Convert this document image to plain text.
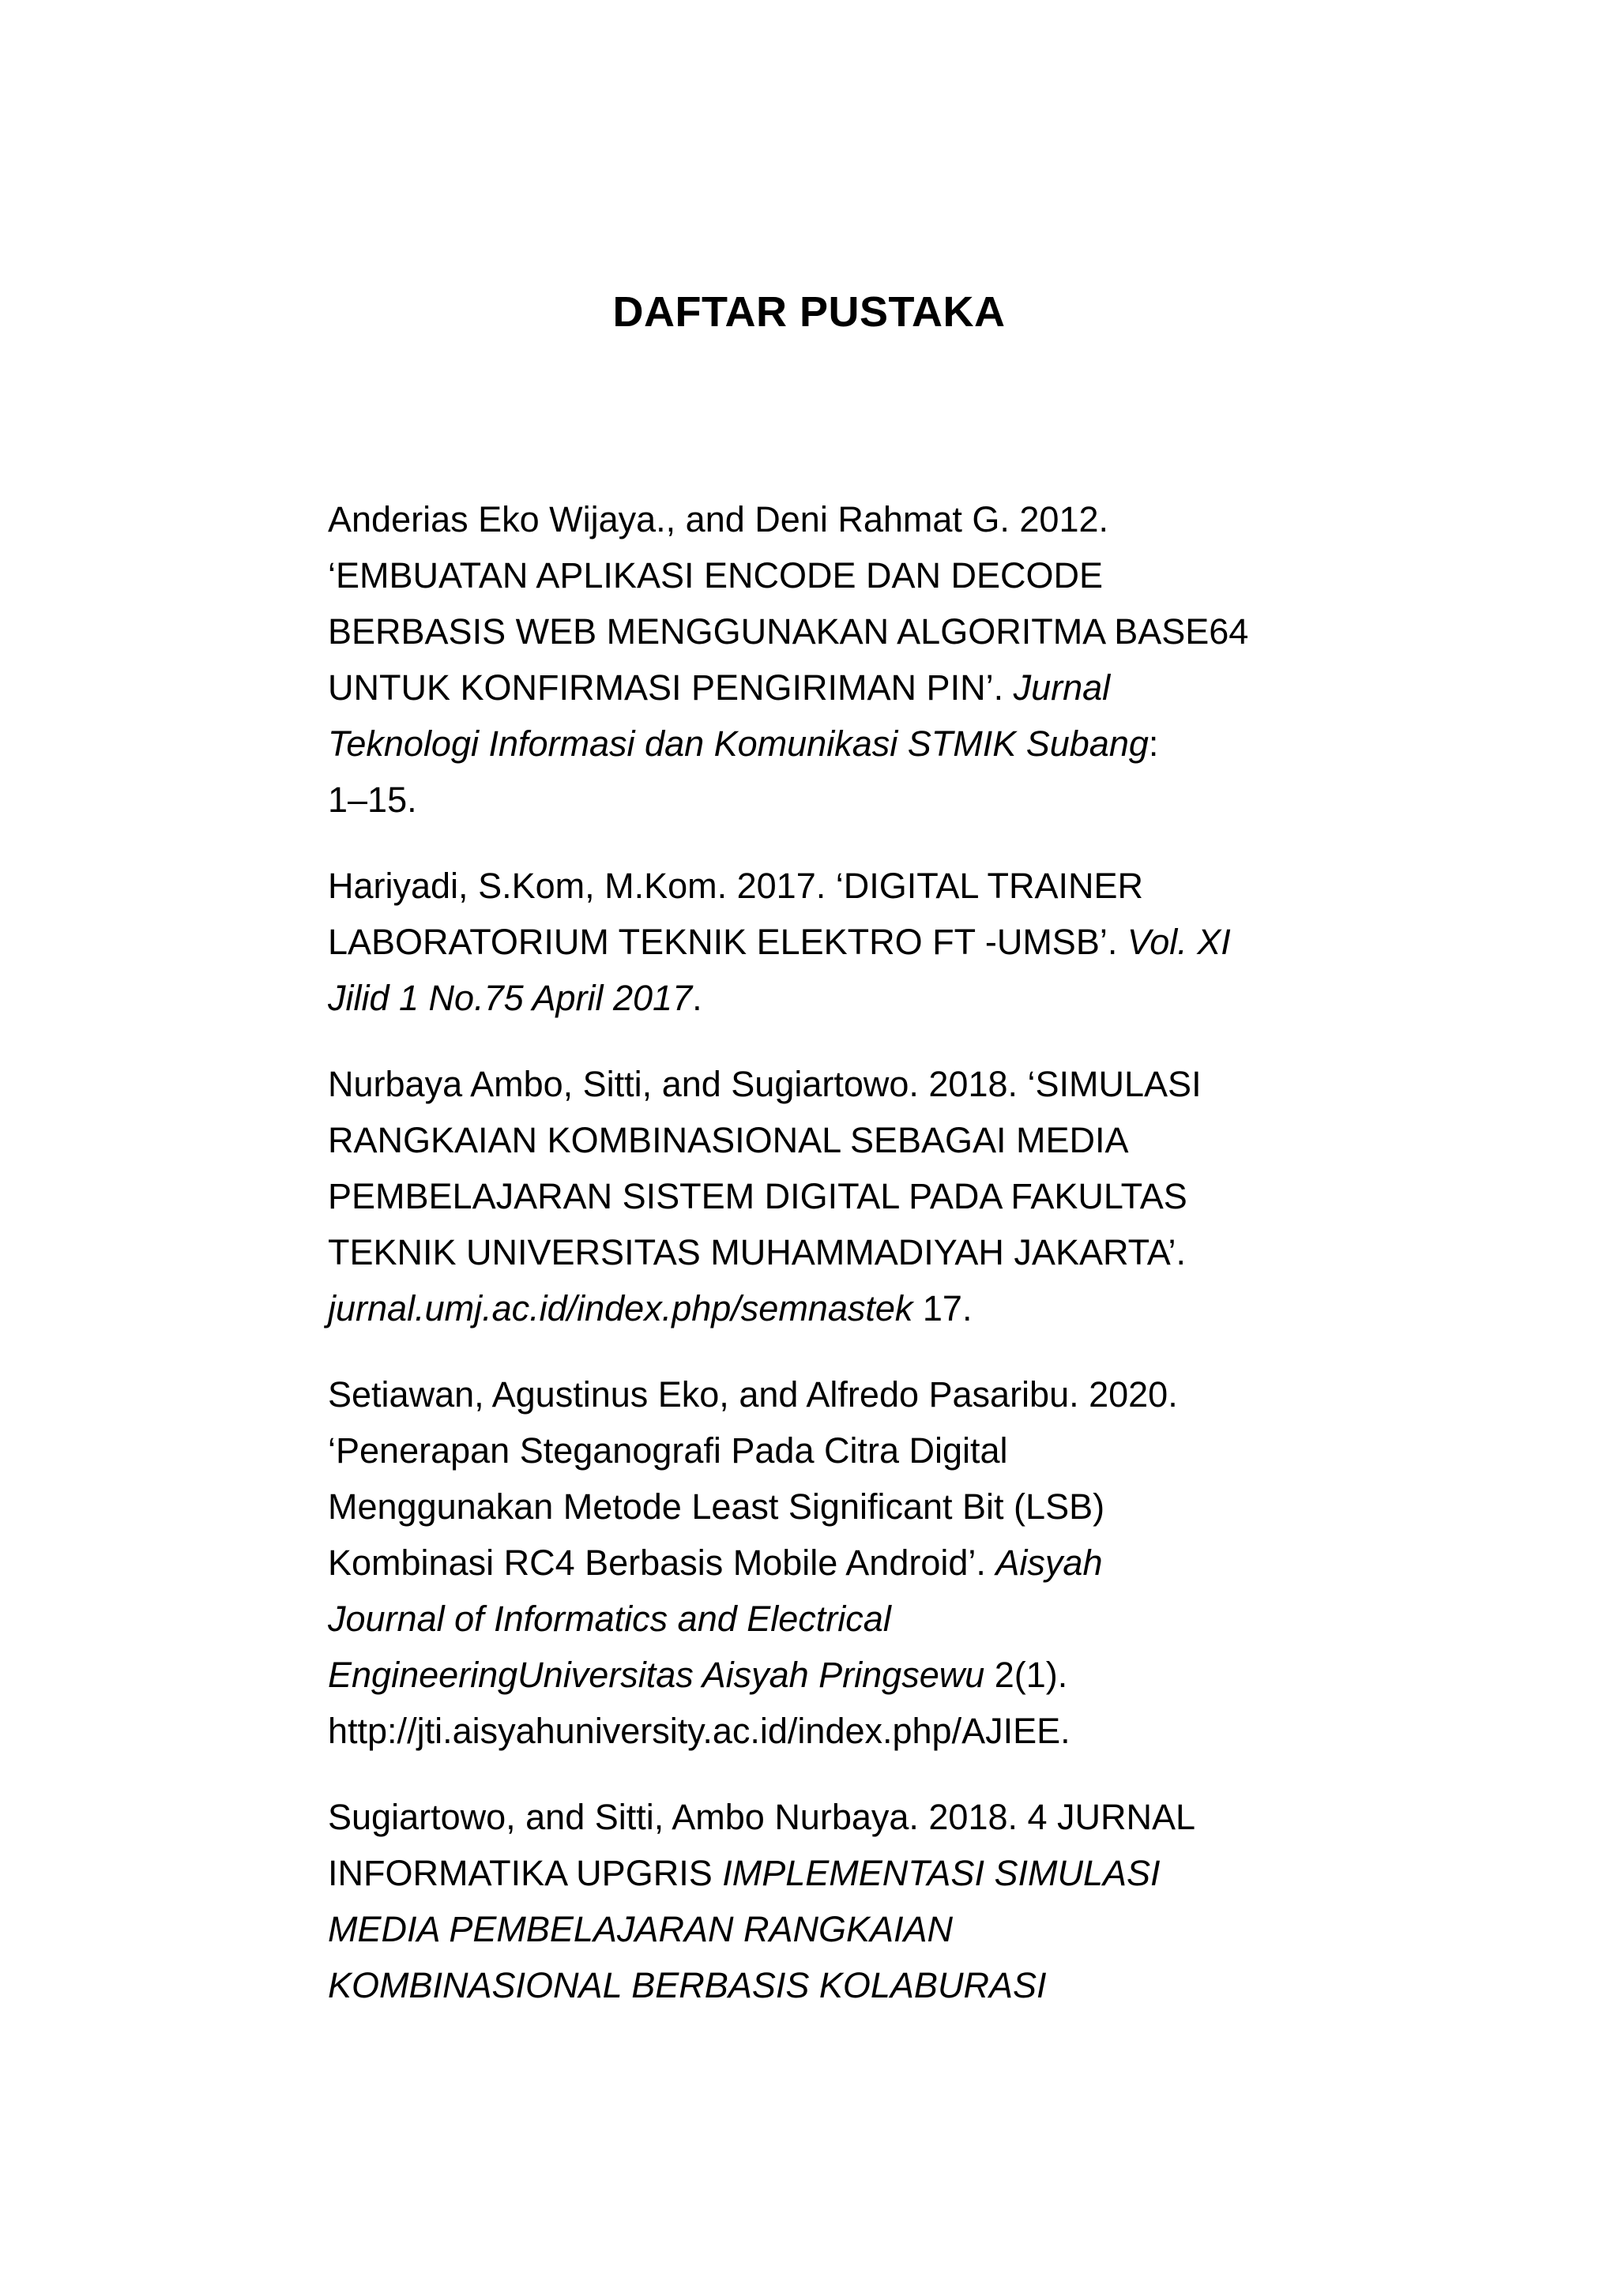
DAFTAR PUSTAKA

Anderias Eko Wijaya., and Deni Rahmat G. 2012.
‘EMBUATAN APLIKASI ENCODE DAN DECODE
BERBASIS WEB MENGGUNAKAN ALGORITMA BASE64
UNTUK KONFIRMASI PENGIRIMAN PIN’. Jurnal
Teknologi Informasi dan Komunikasi STMIK Subang:
1–15.

Hariyadi, S.Kom, M.Kom. 2017. ‘DIGITAL TRAINER
LABORATORIUM TEKNIK ELEKTRO FT -UMSB’. Vol. XI
Jilid 1 No.75 April 2017.

Nurbaya Ambo, Sitti, and Sugiartowo. 2018. ‘SIMULASI
RANGKAIAN KOMBINASIONAL SEBAGAI MEDIA
PEMBELAJARAN SISTEM DIGITAL PADA FAKULTAS
TEKNIK UNIVERSITAS MUHAMMADIYAH JAKARTA’.
jurnal.umj.ac.id/index.php/semnastek 17.

Setiawan, Agustinus Eko, and Alfredo Pasaribu. 2020.
‘Penerapan Steganografi Pada Citra Digital
Menggunakan Metode Least Significant Bit (LSB)
Kombinasi RC4 Berbasis Mobile Android’. Aisyah
Journal of Informatics and Electrical
EngineeringUniversitas Aisyah Pringsewu 2(1).
http://jti.aisyahuniversity.ac.id/index.php/AJIEE.

Sugiartowo, and Sitti, Ambo Nurbaya. 2018. 4 JURNAL
INFORMATIKA UPGRIS IMPLEMENTASI SIMULASI
MEDIA PEMBELAJARAN RANGKAIAN
KOMBINASIONAL BERBASIS KOLABURASI
